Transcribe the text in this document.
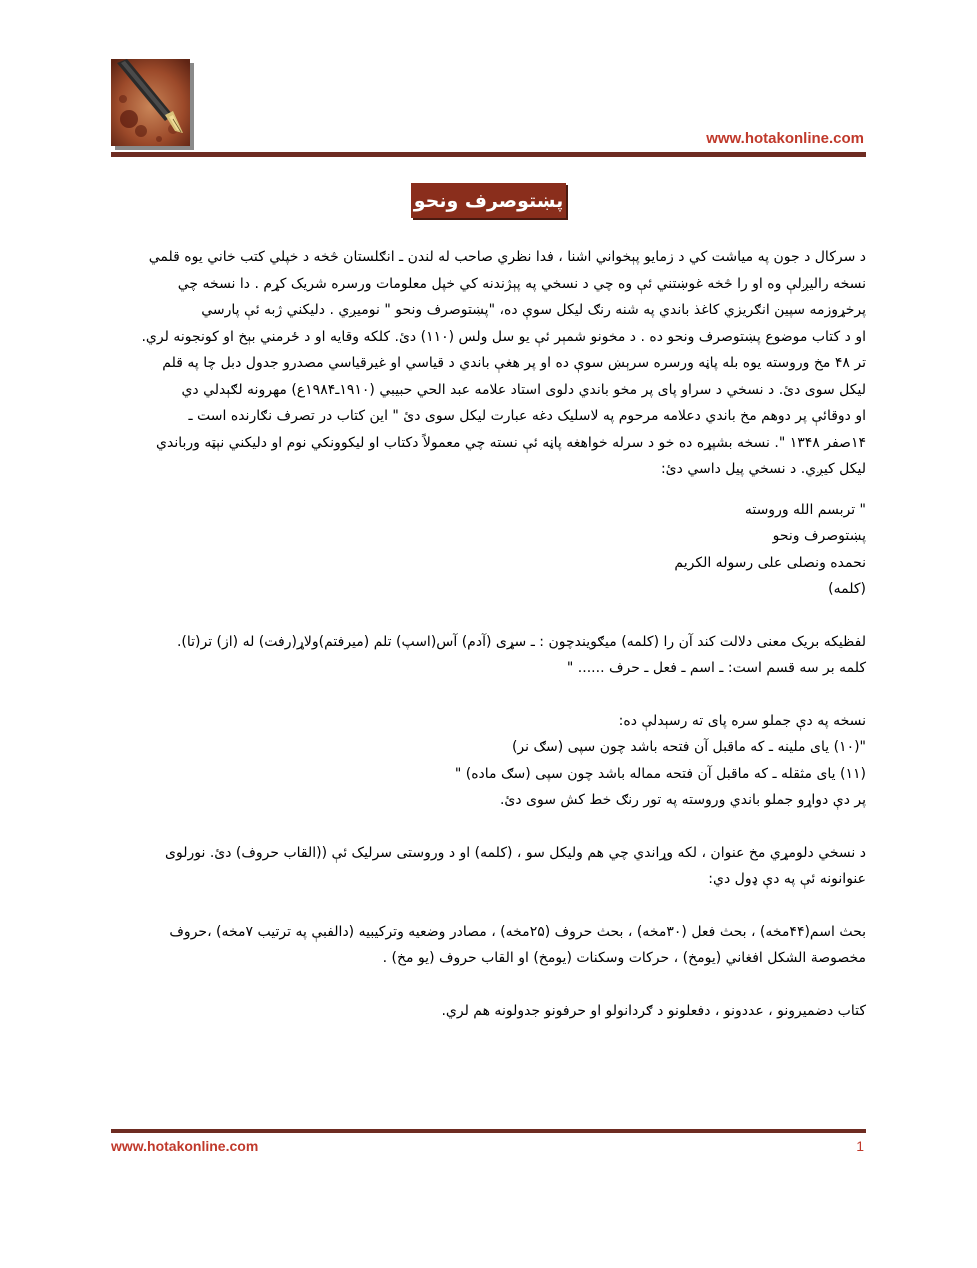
www.hotakonline.com
پښتوصرف ونحو

د سرکال د جون په میاشت کي د زمایو پېخواني اشنا ، فدا نظري صاحب له لندن ـ انګلستان څخه د خپلي کتب خاني یوه قلمي

نسخه رالیږلې وه او را څخه غوښتني ئې وه چي د نسخي په پېژندنه کي خپل معلومات ورسره شریک کړم . دا نسخه چي

پرخړوزمه سپین انګریزي کاغذ باندي په شنه رنګ لیکل سوې ده، "پښتوصرف ونحو " نومیږي . دلیکني ژبه ئې پارسي

او د کتاب موضوع پښتوصرف ونحو ده . د مخونو شمېر ئې یو سل ولس (۱۱۰) دئ. کلکه وقایه او د ځرمني بېخ او کونجونه لري.

تر ۴۸ مخ وروسته یوه بله پاڼه ورسره سرېښ سوې ده او پر هغې باندي د قیاسي او غیرقیاسي مصدرو جدول دبل چا په قلم

لیکل سوی دئ. د نسخي د سراو پای پر مخو باندي دلوی استاد علامه عبد الحي حبیبي (۱۹۱۰ـ۱۹۸۴ع) مهرونه لګېدلي دي

او دوقائې پر دوهم مخ باندي دعلامه مرحوم په لاسلیک دغه عبارت لیکل سوی دئ " این کتاب در تصرف نګارنده است ـ

۱۴صفر ۱۳۴۸ ". نسخه بشپړه ده خو د سرله خواهغه پاڼه ئې نسته چي معمولاً دکتاب او لیکوونکي نوم او دلیکني نېټه ورباندي

لیکل کیږي. د نسخي پیل داسي دئ:

" تربسم الله وروسته

پښتوصرف ونحو

نحمده ونصلی علی رسوله الکریم

(کلمه)

لفظیکه بریک معنی دلالت کند آن را (کلمه) میګویندچون : ـ سړی (آدم) آس(اسپ) تلم (میرفتم)ولاړ(رفت) له (از) تر(تا).

کلمه بر سه قسم است: ـ اسم ـ فعل ـ حرف ...... "

نسخه په دې جملو سره پای ته رسېدلې ده:

"(۱۰) یای ملینه ـ که ماقبل آن فتحه باشد چون سپی (سګ نر)

(۱۱) یای مثقله ـ که ماقبل آن فتحه مماله باشد چون سپی (سګ ماده) "

پر دې دواړو جملو باندي وروسته په تور رنګ خط کش سوی دئ.

د نسخي دلومړي مخ عنوان ، لکه وړاندي چي هم ولیکل سو ، (کلمه) او د وروستی سرلیک ئې ((القاب حروف) دئ. نورلوی

عنوانونه ئې په دې ډول دي:

بحث اسم(۴۴مخه) ، بحث فعل (۳۰مخه) ، بحث حروف (۲۵مخه) ، مصادر وضعیه وترکیبیه (دالفبې په ترتیب ۷مخه) ،حروف

مخصوصة الشکل افغاني (یومخ) ، حرکات وسکنات (یومخ) او القاب حروف (یو مخ) .

کتاب دضمیرونو ، عددونو ، دفعلونو د ګردانولو او حرفونو جدولونه هم لري.

www.hotakonline.com	1
